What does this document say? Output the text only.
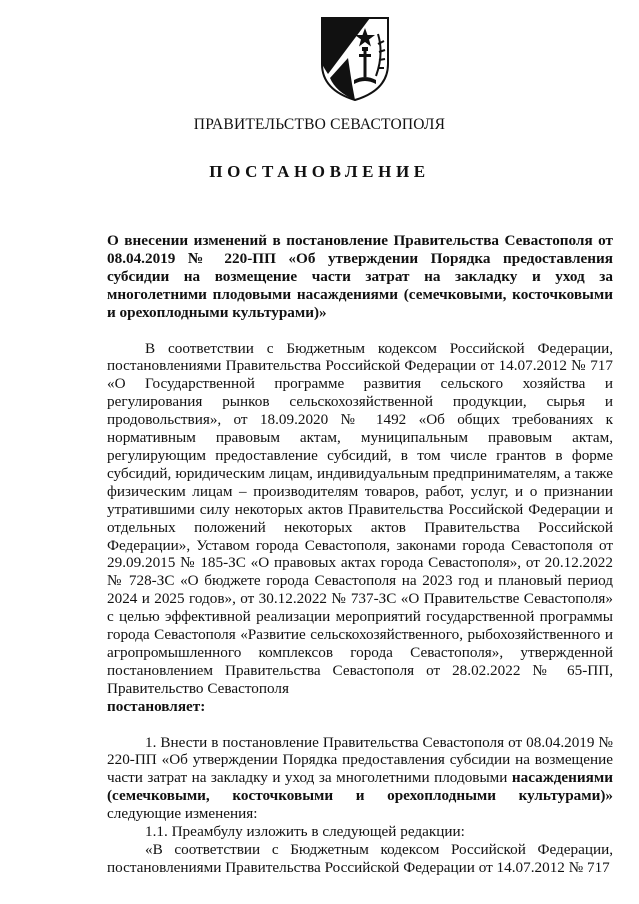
ПРАВИТЕЛЬСТВО СЕВАСТОПОЛЯ
ПОСТАНОВЛЕНИЕ

О внесении изменений в постановление Правительства Севастополя от 08.04.2019 № 220-ПП «Об утверждении Порядка предоставления субсидии на возмещение части затрат на закладку и уход за многолетними плодовыми насаждениями (семечковыми, косточковыми и орехоплодными культурами)»

В соответствии с Бюджетным кодексом Российской Федерации, постановлениями Правительства Российской Федерации от 14.07.2012 № 717 «О Государственной программе развития сельского хозяйства и регулирования рынков сельскохозяйственной продукции, сырья и продовольствия», от 18.09.2020 № 1492 «Об общих требованиях к нормативным правовым актам, муниципальным правовым актам, регулирующим предоставление субсидий, в том числе грантов в форме субсидий, юридическим лицам, индивидуальным предпринимателям, а также физическим лицам – производителям товаров, работ, услуг, и о признании утратившими силу некоторых актов Правительства Российской Федерации и отдельных положений некоторых актов Правительства Российской Федерации», Уставом города Севастополя, законами города Севастополя от 29.09.2015 № 185-ЗС «О правовых актах города Севастополя», от 20.12.2022 № 728-ЗС «О бюджете города Севастополя на 2023 год и плановый период 2024 и 2025 годов», от 30.12.2022 № 737-ЗС «О Правительстве Севастополя» с целью эффективной реализации мероприятий государственной программы города Севастополя «Развитие сельскохозяйственного, рыбохозяйственного и агропромышленного комплексов города Севастополя», утвержденной постановлением Правительства Севастополя от 28.02.2022 № 65-ПП, Правительство Севастополя
постановляет:

1. Внести в постановление Правительства Севастополя от 08.04.2019 № 220-ПП «Об утверждении Порядка предоставления субсидии на возмещение части затрат на закладку и уход за многолетними плодовыми насаждениями (семечковыми, косточковыми и орехоплодными культурами)» следующие изменения:

1.1. Преамбулу изложить в следующей редакции:

«В соответствии с Бюджетным кодексом Российской Федерации, постановлениями Правительства Российской Федерации от 14.07.2012 № 717
